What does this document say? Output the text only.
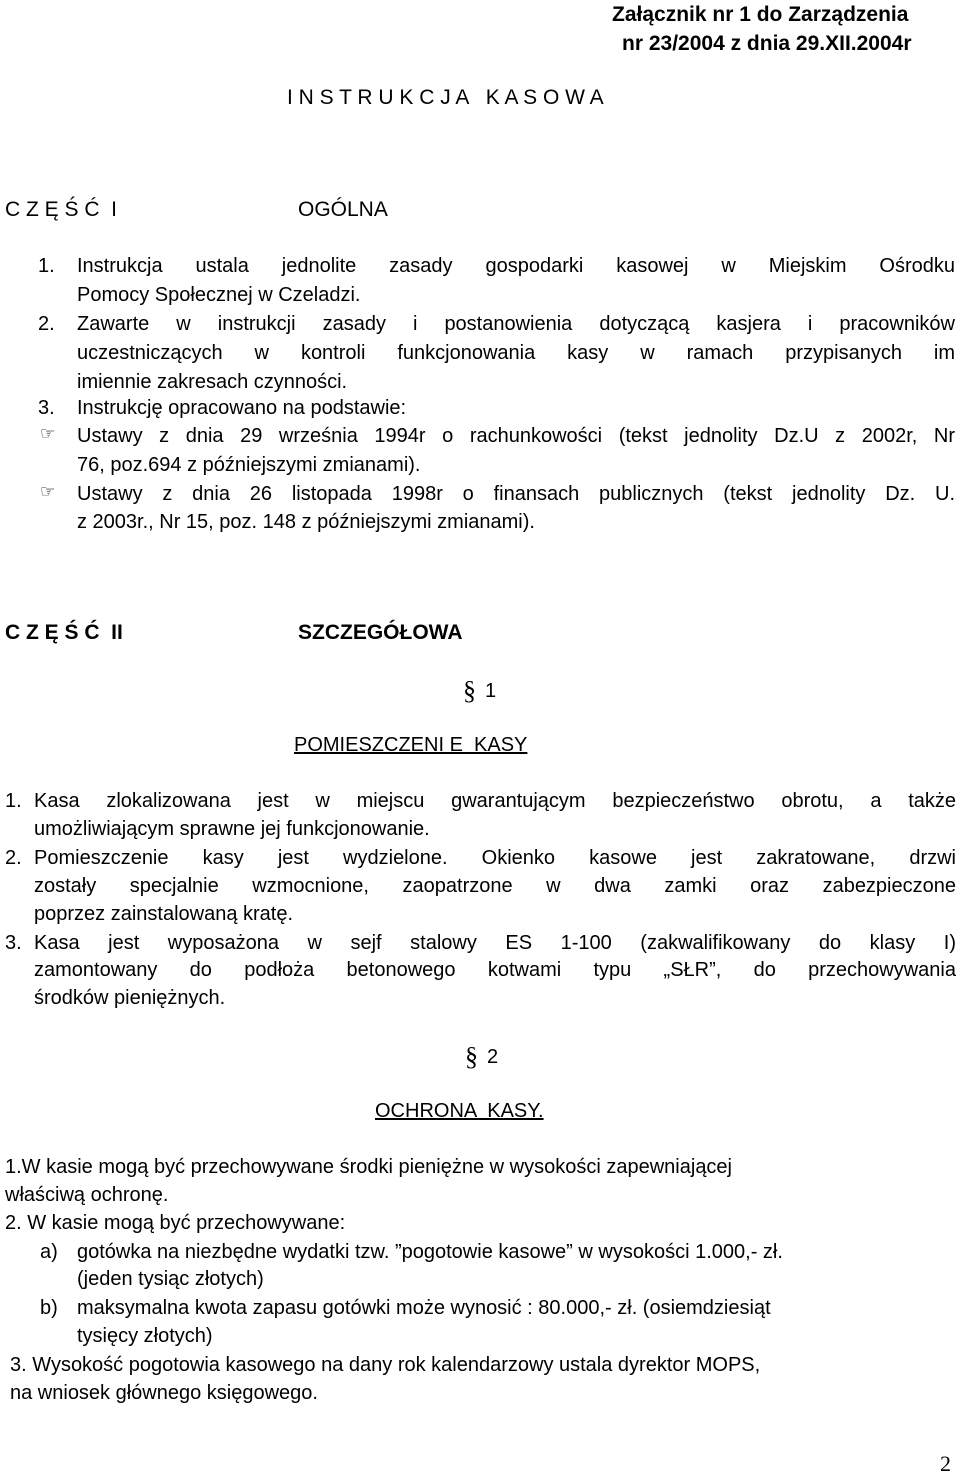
Załącznik nr 1 do Zarządzenia
nr 23/2004 z dnia 29.XII.2004r
I N S T R U K C J A   K A S O W A
C Z Ę Ś Ć  I	OGÓLNA
1. Instrukcja ustala jednolite zasady gospodarki kasowej w Miejskim Ośrodku
Pomocy Społecznej w Czeladzi.
2. Zawarte w instrukcji zasady i postanowienia dotyczącą kasjera i pracowników
uczestniczących w kontroli funkcjonowania kasy w ramach przypisanych im
imiennie zakresach czynności.
3. Instrukcję opracowano na podstawie:
☞ Ustawy z dnia 29 września 1994r o rachunkowości (tekst jednolity Dz.U z 2002r, Nr
76, poz.694 z późniejszymi zmianami).
☞ Ustawy z dnia 26 listopada 1998r o finansach publicznych (tekst jednolity Dz. U.
z 2003r., Nr 15, poz. 148 z późniejszymi zmianami).
C Z Ę Ś Ć  II	SZCZEGÓŁOWA
§ 1
POMIESZCZENI E  KASY
1. Kasa zlokalizowana jest w miejscu gwarantującym bezpieczeństwo obrotu, a także
umożliwiającym sprawne jej funkcjonowanie.
2. Pomieszczenie kasy jest wydzielone. Okienko kasowe jest zakratowane, drzwi
zostały specjalnie wzmocnione, zaopatrzone w dwa zamki oraz zabezpieczone
poprzez zainstalowaną kratę.
3. Kasa jest wyposażona w sejf stalowy ES 1-100 (zakwalifikowany do klasy I)
zamontowany do podłoża betonowego kotwami typu „SŁR”, do przechowywania
środków pieniężnych.
§ 2
OCHRONA  KASY.
1.W kasie mogą być przechowywane środki pieniężne w wysokości zapewniającej
właściwą ochronę.
2. W kasie mogą być przechowywane:
a) gotówka na niezbędne wydatki tzw. ”pogotowie kasowe” w wysokości 1.000,- zł.
(jeden tysiąc złotych)
b) maksymalna kwota zapasu gotówki może wynosić : 80.000,- zł. (osiemdziesiąt
tysięcy złotych)
3. Wysokość pogotowia kasowego na dany rok kalendarzowy ustala dyrektor MOPS,
na wniosek głównego księgowego.
2
